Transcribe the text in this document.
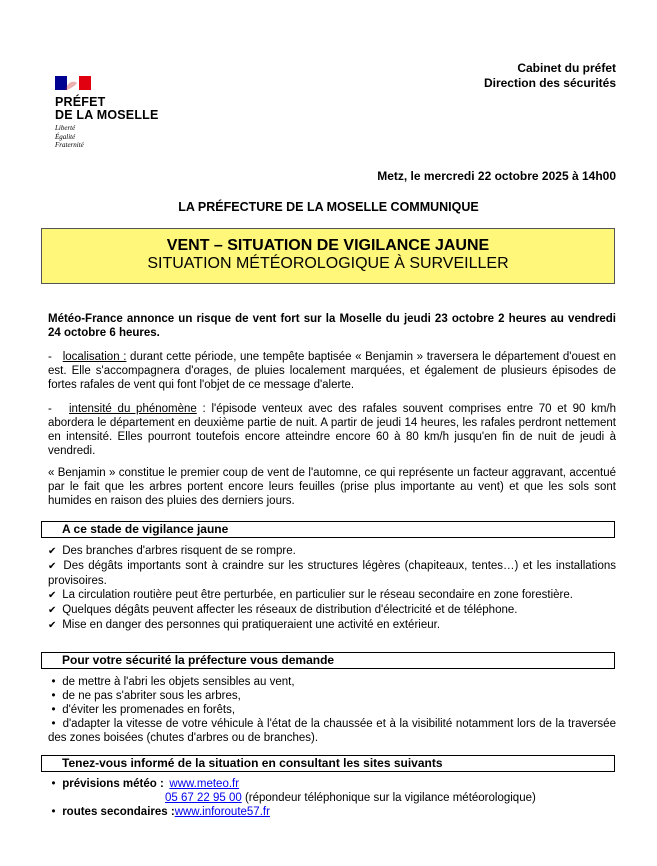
PRÉFET
DE LA MOSELLE
Liberté
Égalité
Fraternité
Cabinet du préfet
Direction des sécurités
Metz, le mercredi 22 octobre 2025 à 14h00
LA PRÉFECTURE DE LA MOSELLE COMMUNIQUE
VENT – SITUATION DE VIGILANCE JAUNE
SITUATION MÉTÉOROLOGIQUE À SURVEILLER
Météo-France annonce un risque de vent fort sur la Moselle du jeudi 23 octobre 2 heures au vendredi 24 octobre 6 heures.
-   localisation : durant cette période, une tempête baptisée « Benjamin » traversera le département d'ouest en est. Elle s'accompagnera d'orages, de pluies localement marquées, et également de plusieurs épisodes de fortes rafales de vent qui font l'objet de ce message d'alerte.
-   intensité du phénomène : l'épisode venteux avec des rafales souvent comprises entre 70 et 90 km/h abordera le département en deuxième partie de nuit. A partir de jeudi 14 heures, les rafales perdront nettement en intensité. Elles pourront toutefois encore atteindre encore 60 à 80 km/h jusqu'en fin de nuit de jeudi à vendredi.
« Benjamin » constitue le premier coup de vent de l'automne, ce qui représente un facteur aggravant, accentué par le fait que les arbres portent encore leurs feuilles (prise plus importante au vent) et que les sols sont humides en raison des pluies des derniers jours.
A ce stade de vigilance jaune
✔ Des branches d'arbres risquent de se rompre.
✔ Des dégâts importants sont à craindre sur les structures légères (chapiteaux, tentes…) et les installations provisoires.
✔ La circulation routière peut être perturbée, en particulier sur le réseau secondaire en zone forestière.
✔ Quelques dégâts peuvent affecter les réseaux de distribution d'électricité et de téléphone.
✔ Mise en danger des personnes qui pratiqueraient une activité en extérieur.
Pour votre sécurité la préfecture vous demande
• de mettre à l'abri les objets sensibles au vent,
• de ne pas s'abriter sous les arbres,
• d'éviter les promenades en forêts,
• d'adapter la vitesse de votre véhicule à l'état de la chaussée et à la visibilité notamment lors de la traversée des zones boisées (chutes d'arbres ou de branches).
Tenez-vous informé de la situation en consultant les sites suivants
• prévisions météo : www.meteo.fr
05 67 22 95 00 (répondeur téléphonique sur la vigilance météorologique)
• routes secondaires :www.inforoute57.fr
